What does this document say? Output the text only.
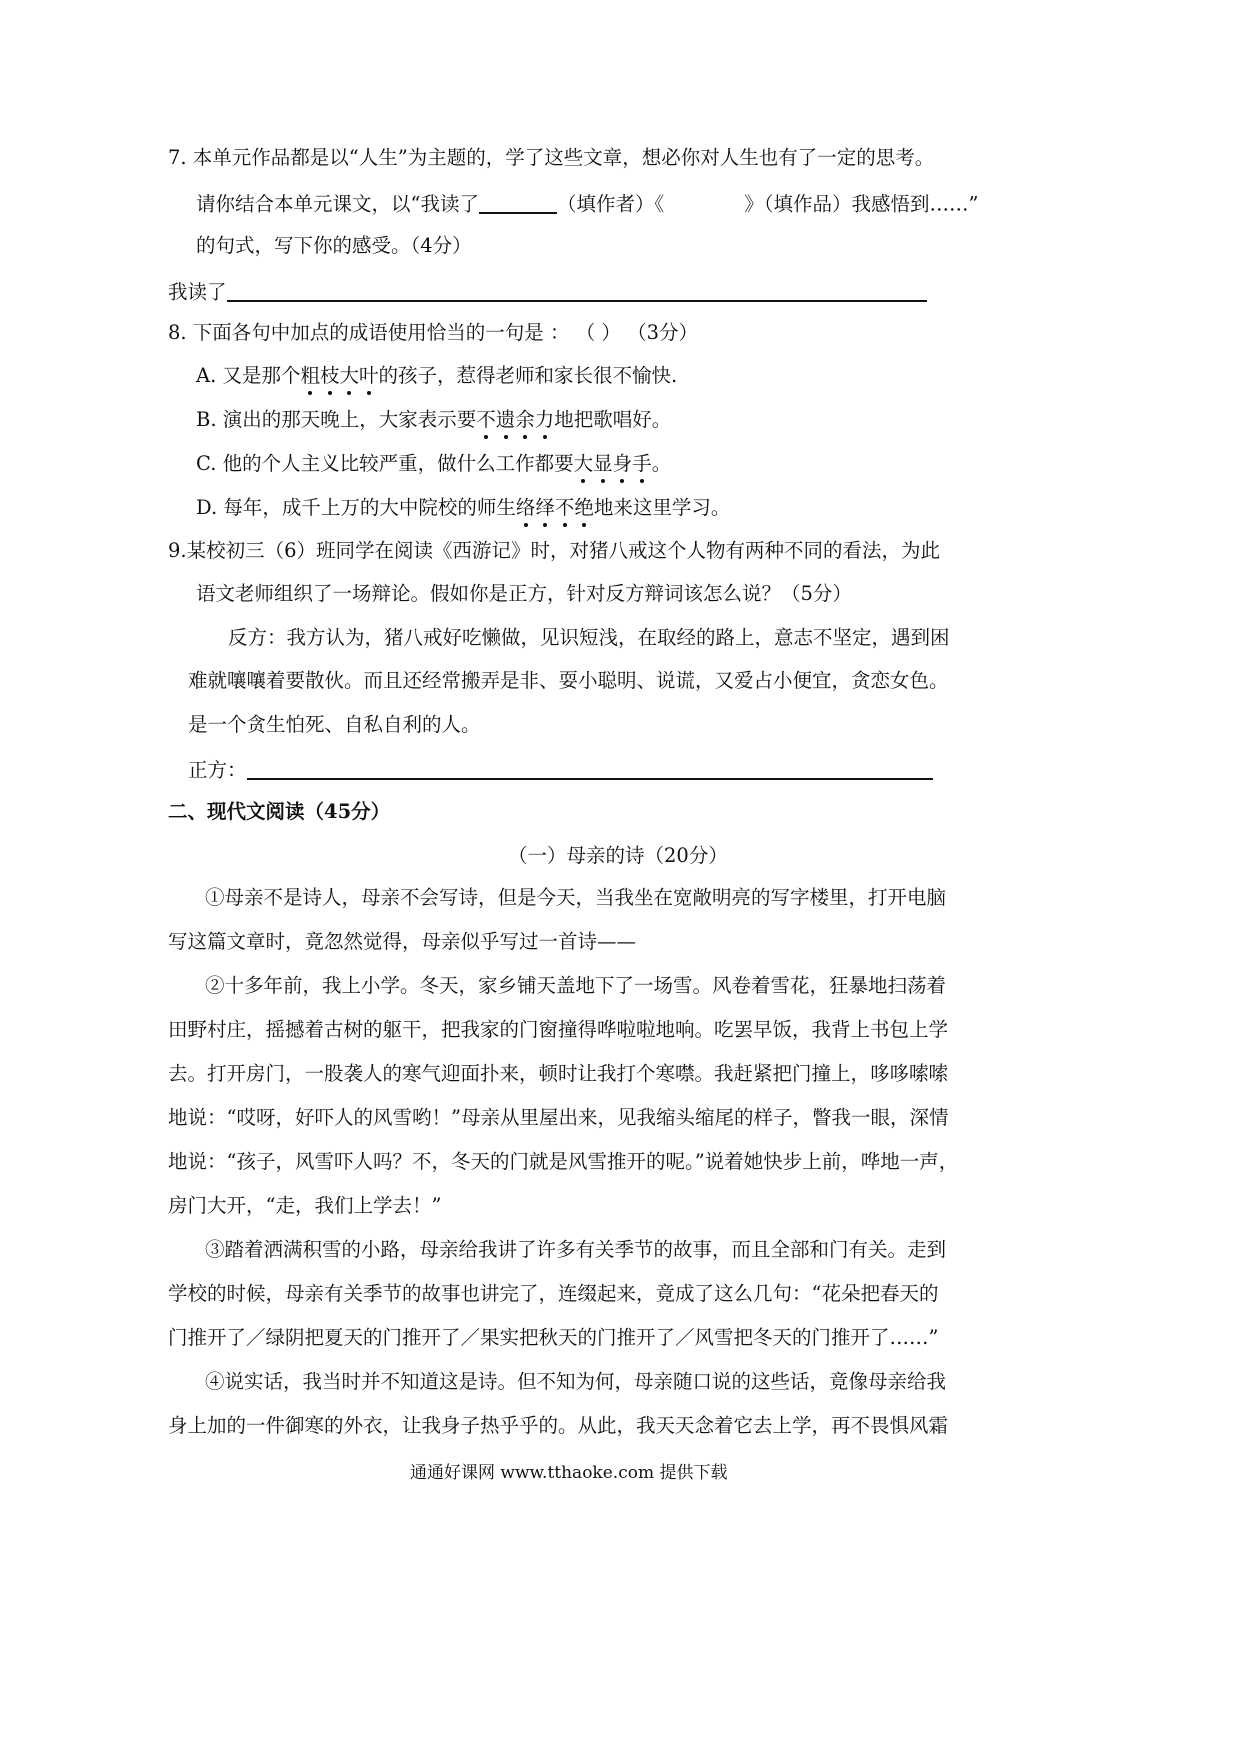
7. 本单元作品都是以“人生”为主题的，学了这些文章，想必你对人生也有了一定的思考。
请你结合本单元课文，以“我读了	（填作者）《	》（填作品）我感悟到……”
的句式，写下你的感受。（4分）
我读了
8. 下面各句中加点的成语使用恰当的一句是 ： （ ） （3分）
A. 又是那个粗枝大叶的孩子，惹得老师和家长很不愉快.
B. 演出的那天晚上，大家表示要不遗余力地把歌唱好。
C. 他的个人主义比较严重，做什么工作都要大显身手。
D. 每年，成千上万的大中院校的师生络绎不绝地来这里学习。
9.某校初三（6）班同学在阅读《西游记》时，对猪八戒这个人物有两种不同的看法，为此
语文老师组织了一场辩论。假如你是正方，针对反方辩词该怎么说？（5分）
反方：我方认为，猪八戒好吃懒做，见识短浅，在取经的路上，意志不坚定，遇到困
难就嚷嚷着要散伙。而且还经常搬弄是非、耍小聪明、说谎，又爱占小便宜，贪恋女色。
是一个贪生怕死、自私自利的人。
正方：
二、现代文阅读（45分）
（一）母亲的诗（20分）
①母亲不是诗人，母亲不会写诗，但是今天，当我坐在宽敞明亮的写字楼里，打开电脑
写这篇文章时，竟忽然觉得，母亲似乎写过一首诗——
②十多年前，我上小学。冬天，家乡铺天盖地下了一场雪。风卷着雪花，狂暴地扫荡着
田野村庄，摇撼着古树的躯干，把我家的门窗撞得哗啦啦地响。吃罢早饭，我背上书包上学
去。打开房门，一股袭人的寒气迎面扑来，顿时让我打个寒噤。我赶紧把门撞上，哆哆嗦嗦
地说：“哎呀，好吓人的风雪哟！”母亲从里屋出来，见我缩头缩尾的样子，瞥我一眼，深情
地说：“孩子，风雪吓人吗？不，冬天的门就是风雪推开的呢。”说着她快步上前，哗地一声，
房门大开，“走，我们上学去！”
③踏着洒满积雪的小路，母亲给我讲了许多有关季节的故事，而且全部和门有关。走到
学校的时候，母亲有关季节的故事也讲完了，连缀起来，竟成了这么几句：“花朵把春天的
门推开了／绿阴把夏天的门推开了／果实把秋天的门推开了／风雪把冬天的门推开了……”
④说实话，我当时并不知道这是诗。但不知为何，母亲随口说的这些话，竟像母亲给我
身上加的一件御寒的外衣，让我身子热乎乎的。从此，我天天念着它去上学，再不畏惧风霜
通通好课网 www.tthaoke.com 提供下载
